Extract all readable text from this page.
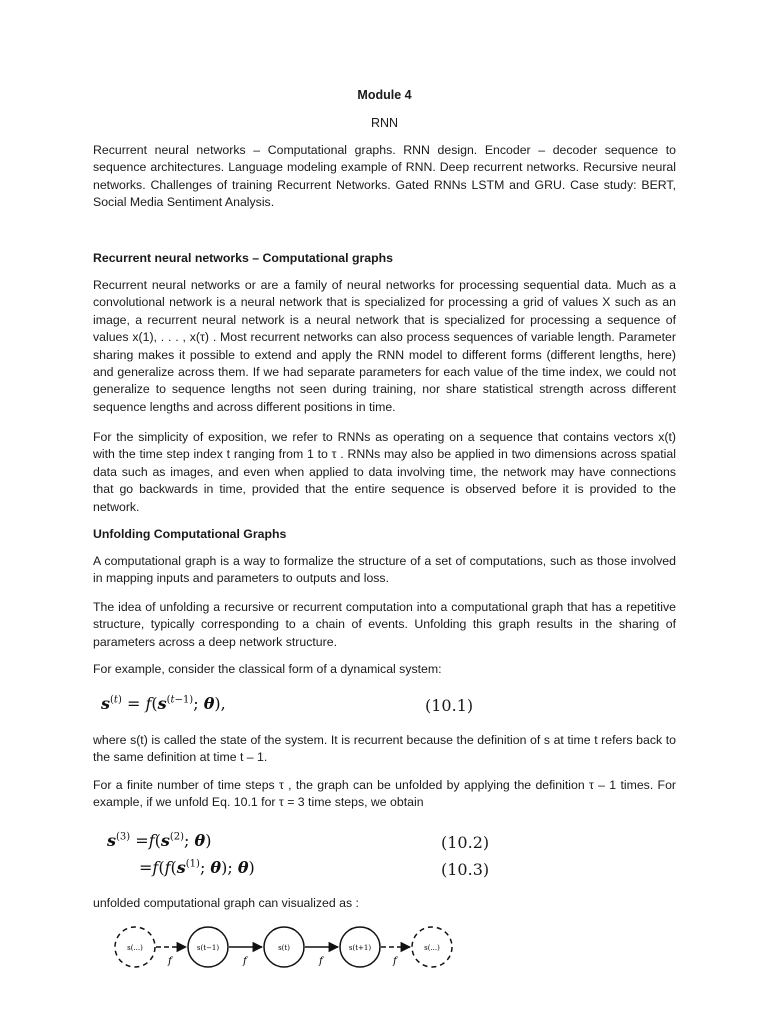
Module 4
RNN

Recurrent neural networks – Computational graphs. RNN design. Encoder – decoder sequence to sequence architectures. Language modeling example of RNN. Deep recurrent networks. Recursive neural networks. Challenges of training Recurrent Networks. Gated RNNs LSTM and GRU. Case study: BERT, Social Media Sentiment Analysis.

Recurrent neural networks – Computational graphs

Recurrent neural networks or are a family of neural networks for processing sequential data. Much as a convolutional network is a neural network that is specialized for processing a grid of values X such as an image, a recurrent neural network is a neural network that is specialized for processing a sequence of values x(1), . . . , x(τ) . Most recurrent networks can also process sequences of variable length. Parameter sharing makes it possible to extend and apply the RNN model to different forms (different lengths, here) and generalize across them. If we had separate parameters for each value of the time index, we could not generalize to sequence lengths not seen during training, nor share statistical strength across different sequence lengths and across different positions in time.

For the simplicity of exposition, we refer to RNNs as operating on a sequence that contains vectors x(t) with the time step index t ranging from 1 to τ . RNNs may also be applied in two dimensions across spatial data such as images, and even when applied to data involving time, the network may have connections that go backwards in time, provided that the entire sequence is observed before it is provided to the network.

Unfolding Computational Graphs

A computational graph is a way to formalize the structure of a set of computations, such as those involved in mapping inputs and parameters to outputs and loss.

The idea of unfolding a recursive or recurrent computation into a computational graph that has a repetitive structure, typically corresponding to a chain of events. Unfolding this graph results in the sharing of parameters across a deep network structure.

For example, consider the classical form of a dynamical system:

$s^{(t)} = f(s^{(t-1)}$; θ),	(10.1)

where s(t) is called the state of the system. It is recurrent because the definition of s at time t refers back to the same definition at time t – 1.

For a finite number of time steps τ , the graph can be unfolded by applying the definition τ – 1 times. For example, if we unfold Eq. 10.1 for τ = 3 time steps, we obtain

$s^{(3)} =f(s^{(2)}$; θ)	(10.2)
$=f(f(s^{(1)}$; θ); θ)	(10.3)

unfolded computational graph can visualized as :

s(...)	s(t−1)	s(t)	s(t+1)	s(...)
f	f	f	f
